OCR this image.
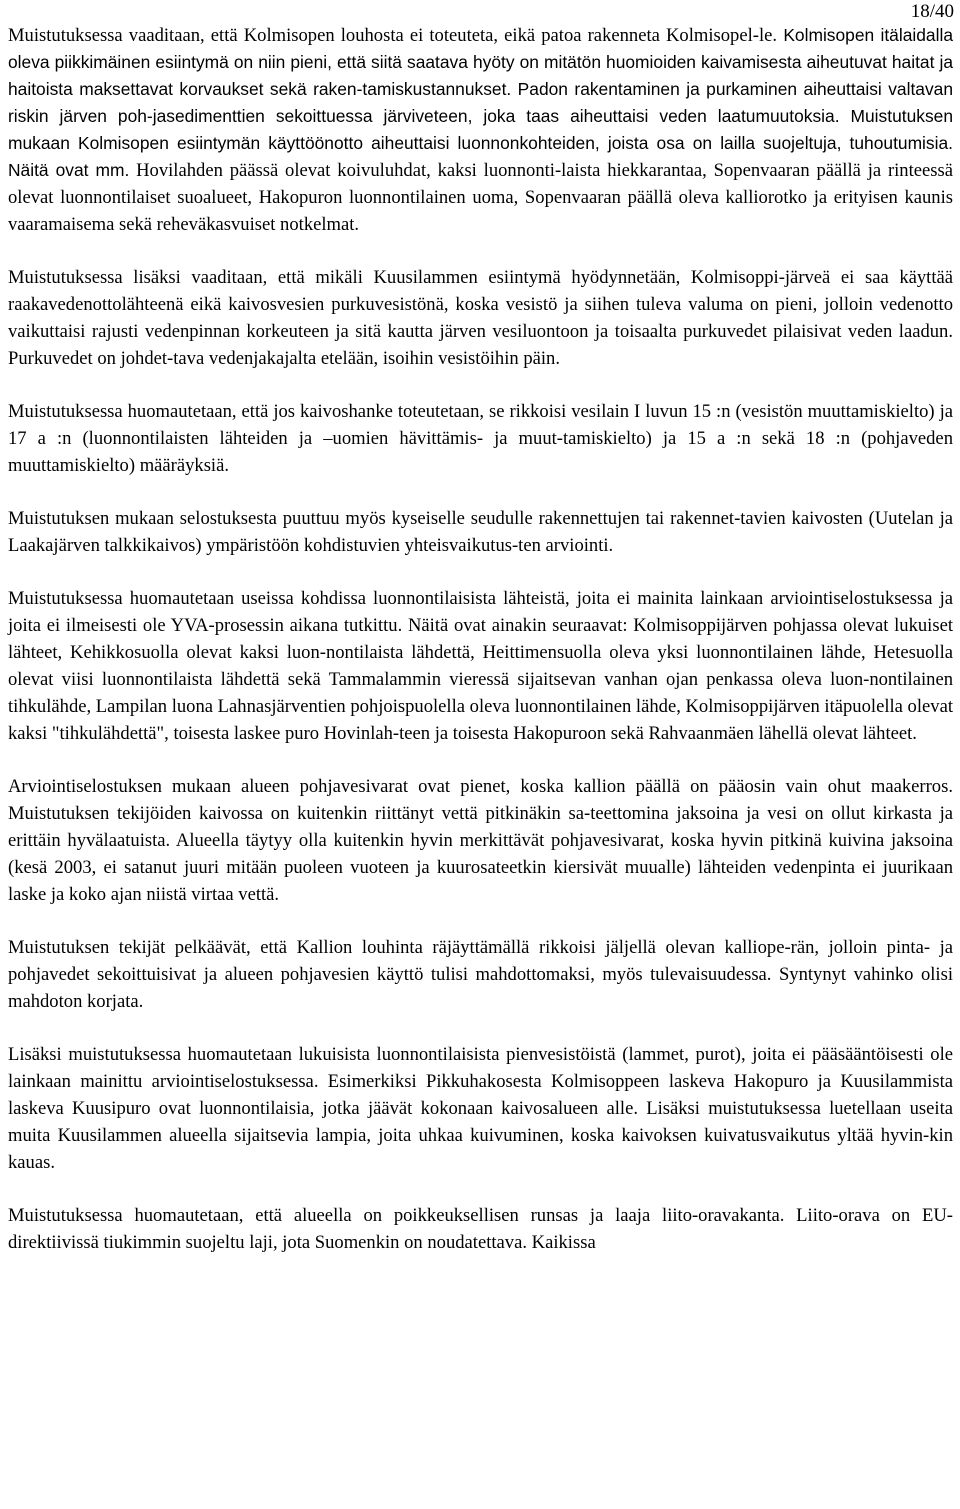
18/40

Muistutuksessa vaaditaan, että Kolmisopen louhosta ei toteuteta, eikä patoa rakenneta Kolmisopel-le. Kolmisopen itälaidalla oleva piikkimäinen esiintymä on niin pieni, että siitä saatava hyöty on mitätön huomioiden kaivamisesta aiheutuvat haitat ja haitoista maksettavat korvaukset sekä raken-tamiskustannukset. Padon rakentaminen ja purkaminen aiheuttaisi valtavan riskin järven poh-jasedimenttien sekoittuessa järviveteen, joka taas aiheuttaisi veden laatumuutoksia. Muistutuksen mukaan Kolmisopen esiintymän käyttöönotto aiheuttaisi luonnonkohteiden, joista osa on lailla suojeltuja, tuhoutumisia. Näitä ovat mm. Hovilahden päässä olevat koivuluhdat, kaksi luonnonti-laista hiekkarantaa, Sopenvaaran päällä ja rinteessä olevat luonnontilaiset suoalueet, Hakopuron luonnontilainen uoma, Sopenvaaran päällä oleva kalliorotko ja erityisen kaunis vaaramaisema sekä reheväkasvuiset notkelmat.

Muistutuksessa lisäksi vaaditaan, että mikäli Kuusilammen esiintymä hyödynnetään, Kolmisoppi-järveä ei saa käyttää raakavedenottolähteenä eikä kaivosvesien purkuvesistönä, koska vesistö ja siihen tuleva valuma on pieni, jolloin vedenotto vaikuttaisi rajusti vedenpinnan korkeuteen ja sitä kautta järven vesiluontoon ja toisaalta purkuvedet pilaisivat veden laadun. Purkuvedet on johdet-tava vedenjakajalta etelään, isoihin vesistöihin päin.

Muistutuksessa huomautetaan, että jos kaivoshanke toteutetaan, se rikkoisi vesilain I luvun 15 :n (vesistön muuttamiskielto) ja 17 a :n (luonnontilaisten lähteiden ja –uomien hävittämis- ja muut-tamiskielto) ja 15 a :n sekä 18 :n (pohjaveden muuttamiskielto) määräyksiä.

Muistutuksen mukaan selostuksesta puuttuu myös kyseiselle seudulle rakennettujen tai rakennet-tavien kaivosten (Uutelan ja Laakajärven talkkikaivos) ympäristöön kohdistuvien yhteisvaikutus-ten arviointi.

Muistutuksessa huomautetaan useissa kohdissa luonnontilaisista lähteistä, joita ei mainita lainkaan arviointiselostuksessa ja joita ei ilmeisesti ole YVA-prosessin aikana tutkittu. Näitä ovat ainakin seuraavat: Kolmisoppijärven pohjassa olevat lukuiset lähteet, Kehikkosuolla olevat kaksi luon-nontilaista lähdettä, Heittimensuolla oleva yksi luonnontilainen lähde, Hetesuolla olevat viisi luonnontilaista lähdettä sekä Tammalammin vieressä sijaitsevan vanhan ojan penkassa oleva luon-nontilainen tihkulähde, Lampilan luona Lahnasjärventien pohjoispuolella oleva luonnontilainen lähde, Kolmisoppijärven itäpuolella olevat kaksi "tihkulähdettä", toisesta laskee puro Hovinlah-teen ja toisesta Hakopuroon sekä Rahvaanmäen lähellä olevat lähteet.

Arviointiselostuksen mukaan alueen pohjavesivarat ovat pienet, koska kallion päällä on pääosin vain ohut maakerros. Muistutuksen tekijöiden kaivossa on kuitenkin riittänyt vettä pitkinäkin sa-teettomina jaksoina ja vesi on ollut kirkasta ja erittäin hyvälaatuista. Alueella täytyy olla kuitenkin hyvin merkittävät pohjavesivarat, koska hyvin pitkinä kuivina jaksoina (kesä 2003, ei satanut juuri mitään puoleen vuoteen ja kuurosateetkin kiersivät muualle) lähteiden vedenpinta ei juurikaan laske ja koko ajan niistä virtaa vettä.

Muistutuksen tekijät pelkäävät, että Kallion louhinta räjäyttämällä rikkoisi jäljellä olevan kalliope-rän, jolloin pinta- ja pohjavedet sekoittuisivat ja alueen pohjavesien käyttö tulisi mahdottomaksi, myös tulevaisuudessa. Syntynyt vahinko olisi mahdoton korjata.

Lisäksi muistutuksessa huomautetaan lukuisista luonnontilaisista pienvesistöistä (lammet, purot), joita ei pääsääntöisesti ole lainkaan mainittu arviointiselostuksessa. Esimerkiksi Pikkuhakosesta Kolmisoppeen laskeva Hakopuro ja Kuusilammista laskeva Kuusipuro ovat luonnontilaisia, jotka jäävät kokonaan kaivosalueen alle. Lisäksi muistutuksessa luetellaan useita muita Kuusilammen alueella sijaitsevia lampia, joita uhkaa kuivuminen, koska kaivoksen kuivatusvaikutus yltää hyvin-kin kauas.

Muistutuksessa huomautetaan, että alueella on poikkeuksellisen runsas ja laaja liito-oravakanta. Liito-orava on EU-direktiivissä tiukimmin suojeltu laji, jota Suomenkin on noudatettava. Kaikissa
